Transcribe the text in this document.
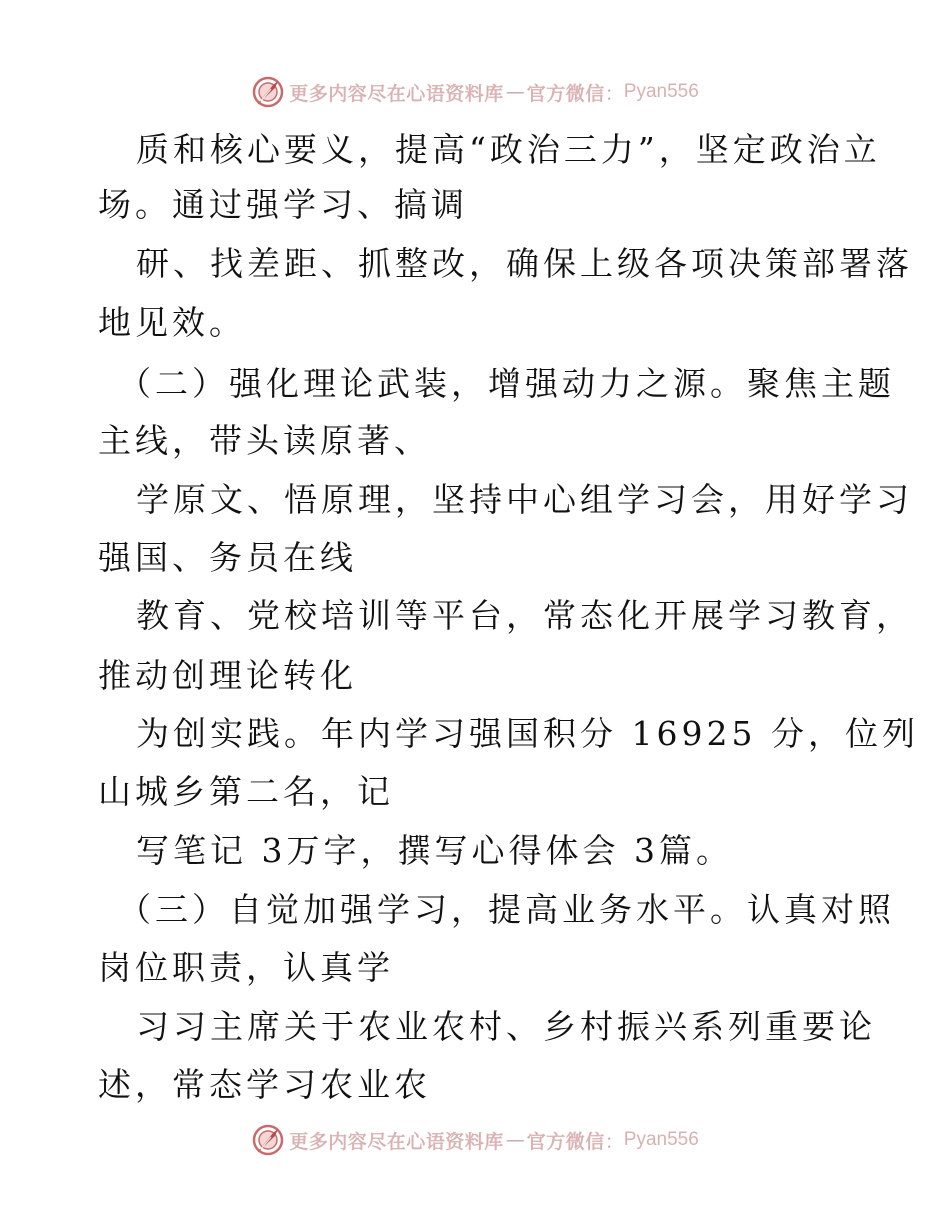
更多内容尽在心语资料库 — 官方微信 ： Pyan556
质和核心要义，提高“政治三力”，坚定政治立
场。通过强学习、搞调
研、找差距、抓整改，确保上级各项决策部署落
地见效。
（二）强化理论武装，增强动力之源。聚焦主题
主线，带头读原著、
学原文、悟原理，坚持中心组学习会，用好学习
强国、务员在线
教育、党校培训等平台，常态化开展学习教育，
推动创理论转化
为创实践。年内学习强国积分 16925 分，位列
山城乡第二名，记
写笔记 3万字，撰写心得体会 3篇。
（三）自觉加强学习，提高业务水平。认真对照
岗位职责，认真学
习习主席关于农业农村、乡村振兴系列重要论
述，常态学习农业农
更多内容尽在心语资料库 — 官方微信 ： Pyan556
